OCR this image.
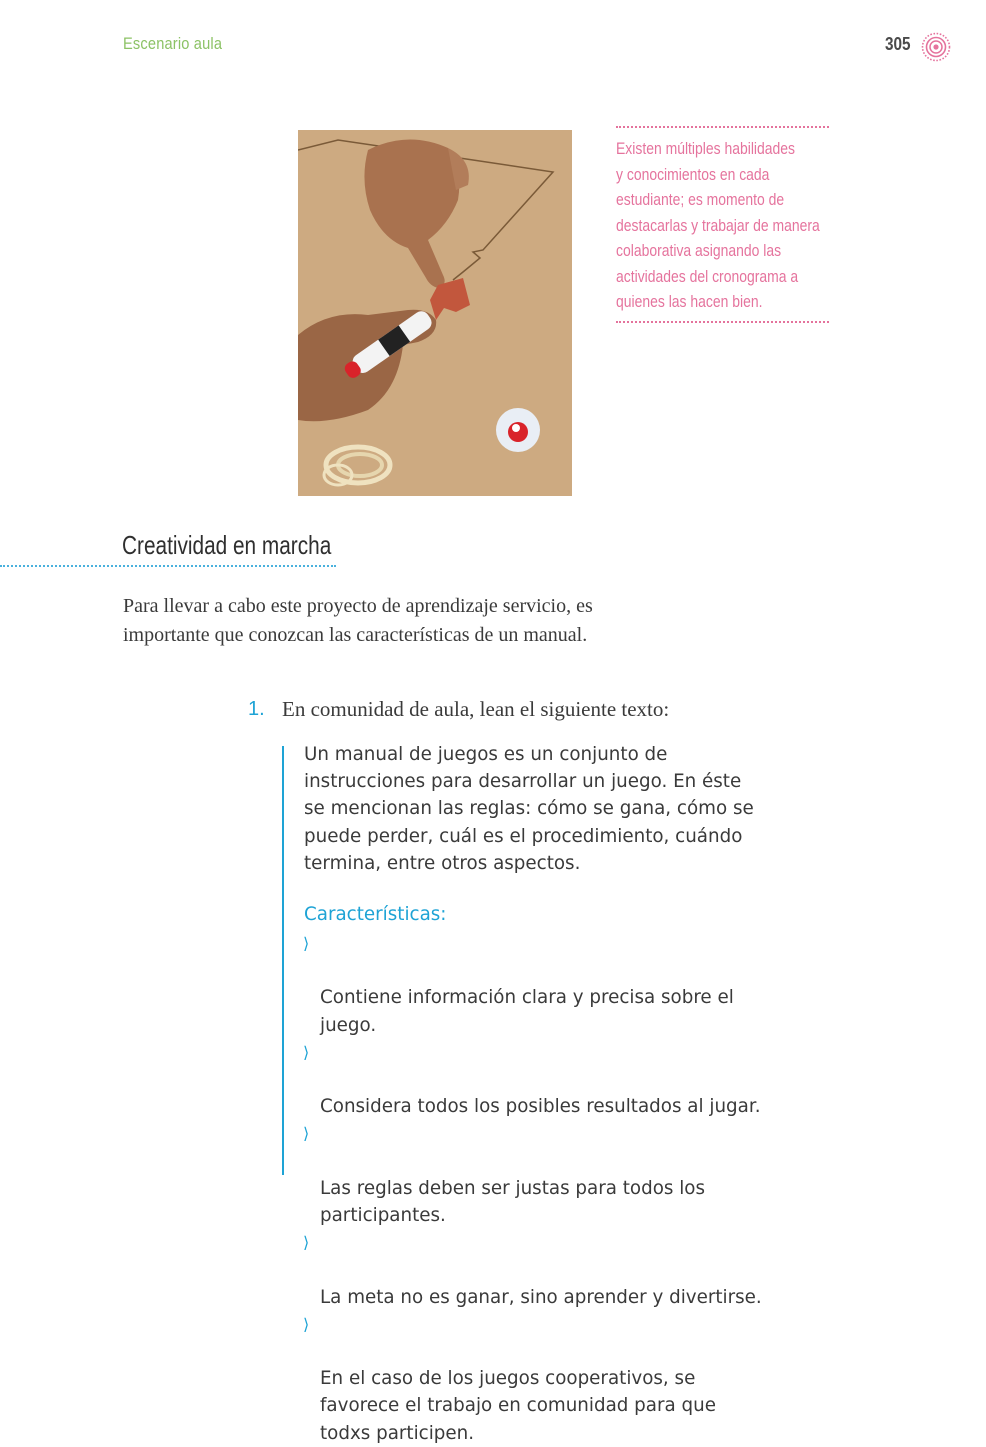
Escenario aula	305
Existen múltiples habilidades
y conocimientos en cada
estudiante; es momento de
destacarlas y trabajar de manera
colaborativa asignando las
actividades del cronograma a
quienes las hacen bien.
Creatividad en marcha
Para llevar a cabo este proyecto de aprendizaje servicio, es importante que conozcan las características de un manual.
1. En comunidad de aula, lean el siguiente texto:
Un manual de juegos es un conjunto de
instrucciones para desarrollar un juego. En éste
se mencionan las reglas: cómo se gana, cómo se
puede perder, cuál es el procedimiento, cuándo
termina, entre otros aspectos.
Características:

⟩

Contiene información clara y precisa sobre el
juego.

⟩

Considera todos los posibles resultados al jugar.

⟩

Las reglas deben ser justas para todos los
participantes.

⟩

La meta no es ganar, sino aprender y divertirse.

⟩

En el caso de los juegos cooperativos, se
favorece el trabajo en comunidad para que
todxs participen.
